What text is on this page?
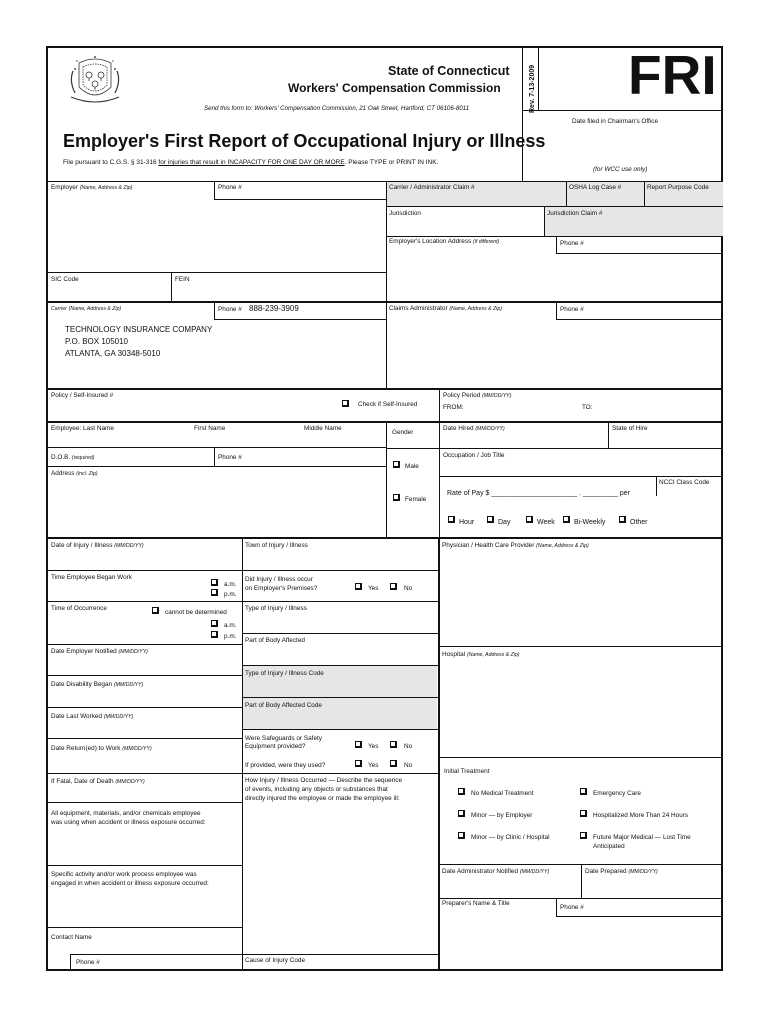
State of Connecticut
Workers' Compensation Commission
Send this form to: Workers' Compensation Commission, 21 Oak Street, Hartford, CT 06106-8011
Employer's First Report of Occupational Injury or Illness
File pursuant to C.G.S. § 31-316 for injuries that result in INCAPACITY FOR ONE DAY OR MORE. Please TYPE or PRINT IN INK.
Rev. 7-13-2009 FRI
Date filed in Chairman's Office
(for WCC use only)
Employer (Name, Address & Zip)	Phone #	Carrier / Administrator Claim #	OSHA Log Case #	Report Purpose Code
Jurisdiction	Jurisdiction Claim #
Employer's Location Address (if different)	Phone #
SIC Code	FEIN
Carrier (Name, Address & Zip)	Phone # 888-239-3909
TECHNOLOGY INSURANCE COMPANY
P.O. BOX 105010
ATLANTA, GA 30348-5010
Claims Administrator (Name, Address & Zip)	Phone #
Policy / Self-Insured #
Check if Self-Insured
Policy Period (MM/DD/YY)
FROM:	TO:
Employee: Last Name	First Name	Middle Name
Gender
Male
Female
D.O.B. (required)	Phone #
Address (incl. Zip)
Date Hired (MM/DD/YY)	State of Hire
Occupation / Job Title
NCCI Class Code
Rate of Pay $ ______________________ . _________ per
Hour	Day	Week	Bi-Weekly	Other
Date of Injury / Illness (MM/DD/YY)	Town of Injury / Illness
Time Employee Began Work
a.m.
p.m.
Did Injury / Illness occur
on Employer's Premises?	Yes	No
Time of Occurrence
cannot be determined
a.m.
p.m.
Type of Injury / Illness
Part of Body Affected
Date Employer Notified (MM/DD/YY)
Type of Injury / Illness Code
Date Disability Began (MM/DD/YY)
Part of Body Affected Code
Date Last Worked (MM/DD/YY)
Were Safeguards or Safety
Equipment provided?	Yes	No
Date Return(ed) to Work (MM/DD/YY)
If provided, were they used?	Yes	No
If Fatal, Date of Death (MM/DD/YY)	How Injury / Illness Occurred — Describe the sequence
of events, including any objects or substances that
directly injured the employee or made the employee ill:
All equipment, materials, and/or chemicals employee
was using when accident or illness exposure occurred:
Specific activity and/or work process employee was
engaged in when accident or illness exposure occurred:
Contact Name
Phone #	Cause of Injury Code
Physician / Health Care Provider (Name, Address & Zip)
Hospital (Name, Address & Zip)
Initial Treatment
No Medical Treatment	Emergency Care
Minor — by Employer	Hospitalized More Than 24 Hours
Minor — by Clinic / Hospital	Future Major Medical — Lost Time
Anticipated
Date Administrator Notified (MM/DD/YY)	Date Prepared (MM/DD/YY)
Preparer's Name & Title
Phone #
